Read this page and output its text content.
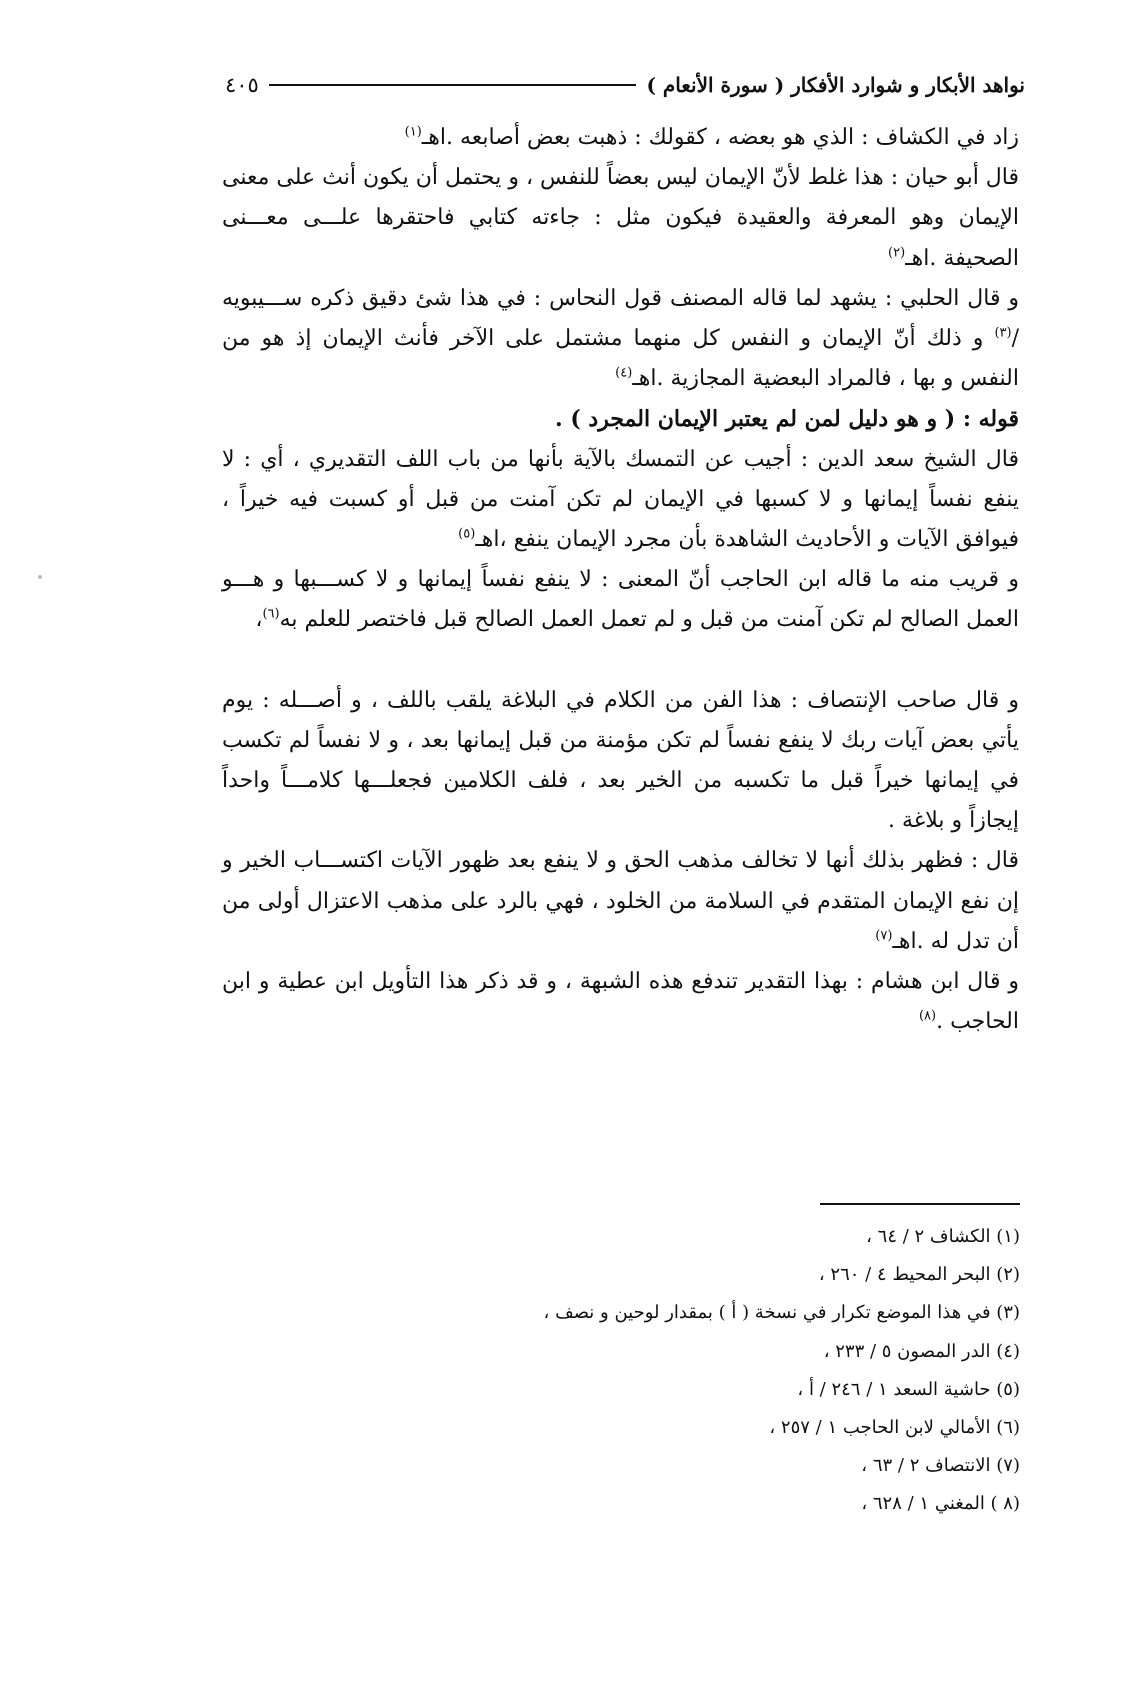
نواهد الأبكار و شوارد الأفكار ( سورة الأنعام )
٤٠٥

زاد في الكشاف : الذي هو بعضه ، كقولك : ذهبت بعض أصابعه .اهـ$^{(١)}$

قال أبو حيان : هذا غلط لأنّ الإيمان ليس بعضاً للنفس ، و يحتمل أن يكون أنث على معنى الإيمان وهو المعرفة والعقيدة فيكون مثل : جاءته كتابي فاحتقرها علـــى معـــنى الصحيفة .اهـ$^{(٢)}$

و قال الحلبي : يشهد لما قاله المصنف قول النحاس : في هذا شئ دقيق ذكره ســـيبويه /$^{(٣)}$ و ذلك أنّ الإيمان و النفس كل منهما مشتمل على الآخر فأنث الإيمان إذ هو من النفس و بها ، فالمراد البعضية المجازية .اهـ$^{(٤)}$

قوله : ( و هو دليل لمن لم يعتبر الإيمان المجرد ) .

قال الشيخ سعد الدين : أجيب عن التمسك بالآية بأنها من باب اللف التقديري ، أي : لا ينفع نفساً إيمانها و لا كسبها في الإيمان لم تكن آمنت من قبل أو كسبت فيه خيراً ، فيوافق الآيات و الأحاديث الشاهدة بأن مجرد الإيمان ينفع ،اهـ$^{(٥)}$

و قريب منه ما قاله ابن الحاجب أنّ المعنى : لا ينفع نفساً إيمانها و لا كســـبها و هـــو العمل الصالح لم تكن آمنت من قبل و لم تعمل العمل الصالح قبل فاختصر للعلم به$^{(٦)}$،

و قال صاحب الإنتصاف : هذا الفن من الكلام في البلاغة يلقب باللف ، و أصـــله : يوم يأتي بعض آيات ربك لا ينفع نفساً لم تكن مؤمنة من قبل إيمانها بعد ، و لا نفساً لم تكسب في إيمانها خيراً قبل ما تكسبه من الخير بعد ، فلف الكلامين فجعلـــها كلامـــاً واحداً إيجازاً و بلاغة .

قال : فظهر بذلك أنها لا تخالف مذهب الحق و لا ينفع بعد ظهور الآيات اكتســـاب الخير و إن نفع الإيمان المتقدم في السلامة من الخلود ، فهي بالرد على مذهب الاعتزال أولى من أن تدل له .اهـ$^{(٧)}$

و قال ابن هشام : بهذا التقدير تندفع هذه الشبهة ، و قد ذكر هذا التأويل ابن عطية و ابن الحاجب .$^{(٨)}$

(١) الكشاف ٢ / ٦٤ ،
(٢) البحر المحيط ٤ / ٢٦٠ ،
(٣) في هذا الموضع تكرار في نسخة ( أ ) بمقدار لوحين و نصف ،
(٤) الدر المصون ٥ / ٢٣٣ ،
(٥) حاشية السعد ١ / ٢٤٦ / أ ،
(٦) الأمالي لابن الحاجب ١ / ٢٥٧ ،
(٧) الانتصاف ٢ / ٦٣ ،
(٨ ) المغني ١ / ٦٢٨ ،
